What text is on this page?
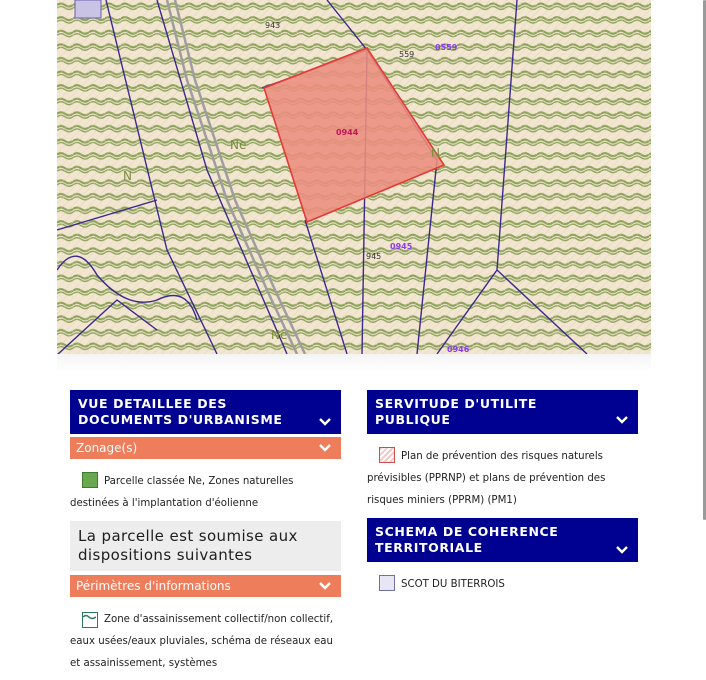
943
559
0559
0944
0945
945
0946
Ne
N
N
Ne
VUE DETAILLEE DES DOCUMENTS D'URBANISME
Zonage(s)
Parcelle classée Ne, Zones naturelles destinées à l'implantation d'éolienne
La parcelle est soumise aux dispositions suivantes
Périmètres d'informations
Zone d'assainissement collectif/non collectif, eaux usées/eaux pluviales, schéma de réseaux eau et assainissement, systèmes
SERVITUDE D'UTILITE PUBLIQUE
Plan de prévention des risques naturels prévisibles (PPRNP) et plans de prévention des risques miniers (PPRM) (PM1)
SCHEMA DE COHERENCE TERRITORIALE
SCOT DU BITERROIS
